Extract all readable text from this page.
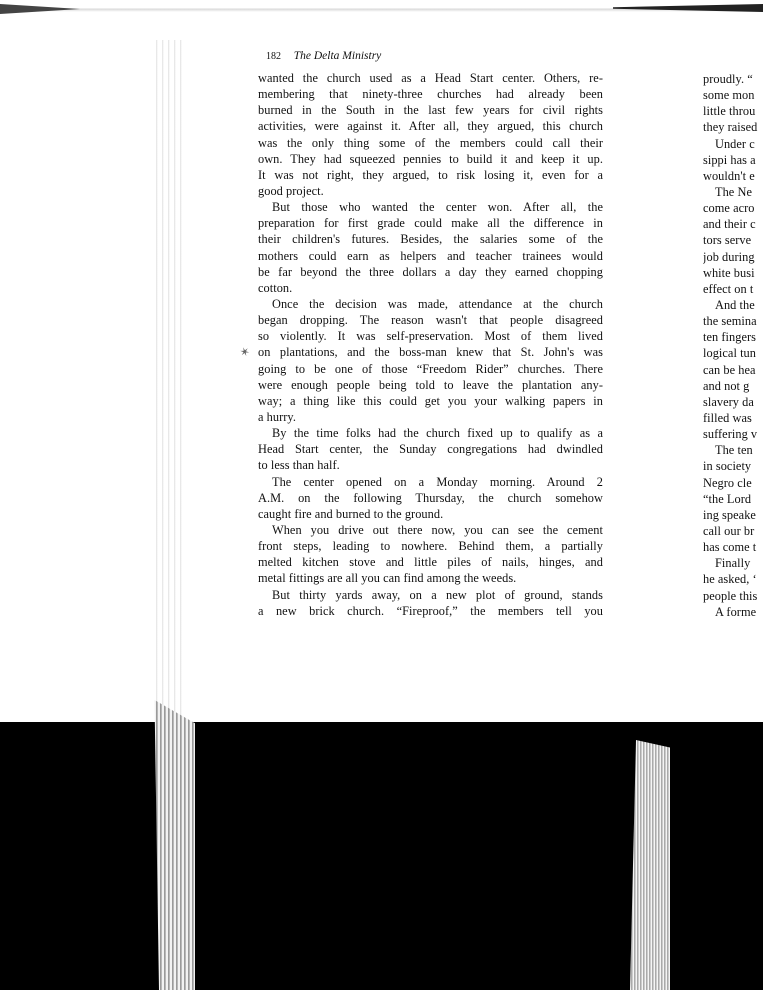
✶
182 The Delta Ministry
wanted the church used as a Head Start center. Others, re-
membering that ninety-three churches had already been
burned in the South in the last few years for civil rights
activities, were against it. After all, they argued, this church
was the only thing some of the members could call their
own. They had squeezed pennies to build it and keep it up.
It was not right, they argued, to risk losing it, even for a
good project.
But those who wanted the center won. After all, the
preparation for first grade could make all the difference in
their children's futures. Besides, the salaries some of the
mothers could earn as helpers and teacher trainees would
be far beyond the three dollars a day they earned chopping
cotton.
Once the decision was made, attendance at the church
began dropping. The reason wasn't that people disagreed
so violently. It was self-preservation. Most of them lived
on plantations, and the boss-man knew that St. John's was
going to be one of those “Freedom Rider” churches. There
were enough people being told to leave the plantation any-
way; a thing like this could get you your walking papers in
a hurry.
By the time folks had the church fixed up to qualify as a
Head Start center, the Sunday congregations had dwindled
to less than half.
The center opened on a Monday morning. Around 2
A.M. on the following Thursday, the church somehow
caught fire and burned to the ground.
When you drive out there now, you can see the cement
front steps, leading to nowhere. Behind them, a partially
melted kitchen stove and little piles of nails, hinges, and
metal fittings are all you can find among the weeds.
But thirty yards away, on a new plot of ground, stands
a new brick church. “Fireproof,” the members tell you
proudly. “
some mon
little throu
they raised
Under c
sippi has a
wouldn't e
The Ne
come acro
and their c
tors serve
job during
white busi
effect on t
And the
the semina
ten fingers
logical tun
can be hea
and not g
slavery da
filled was
suffering v
The ten
in society
Negro cle
“the Lord
ing speake
call our br
has come t
Finally
he asked, ‘
people this
A forme
